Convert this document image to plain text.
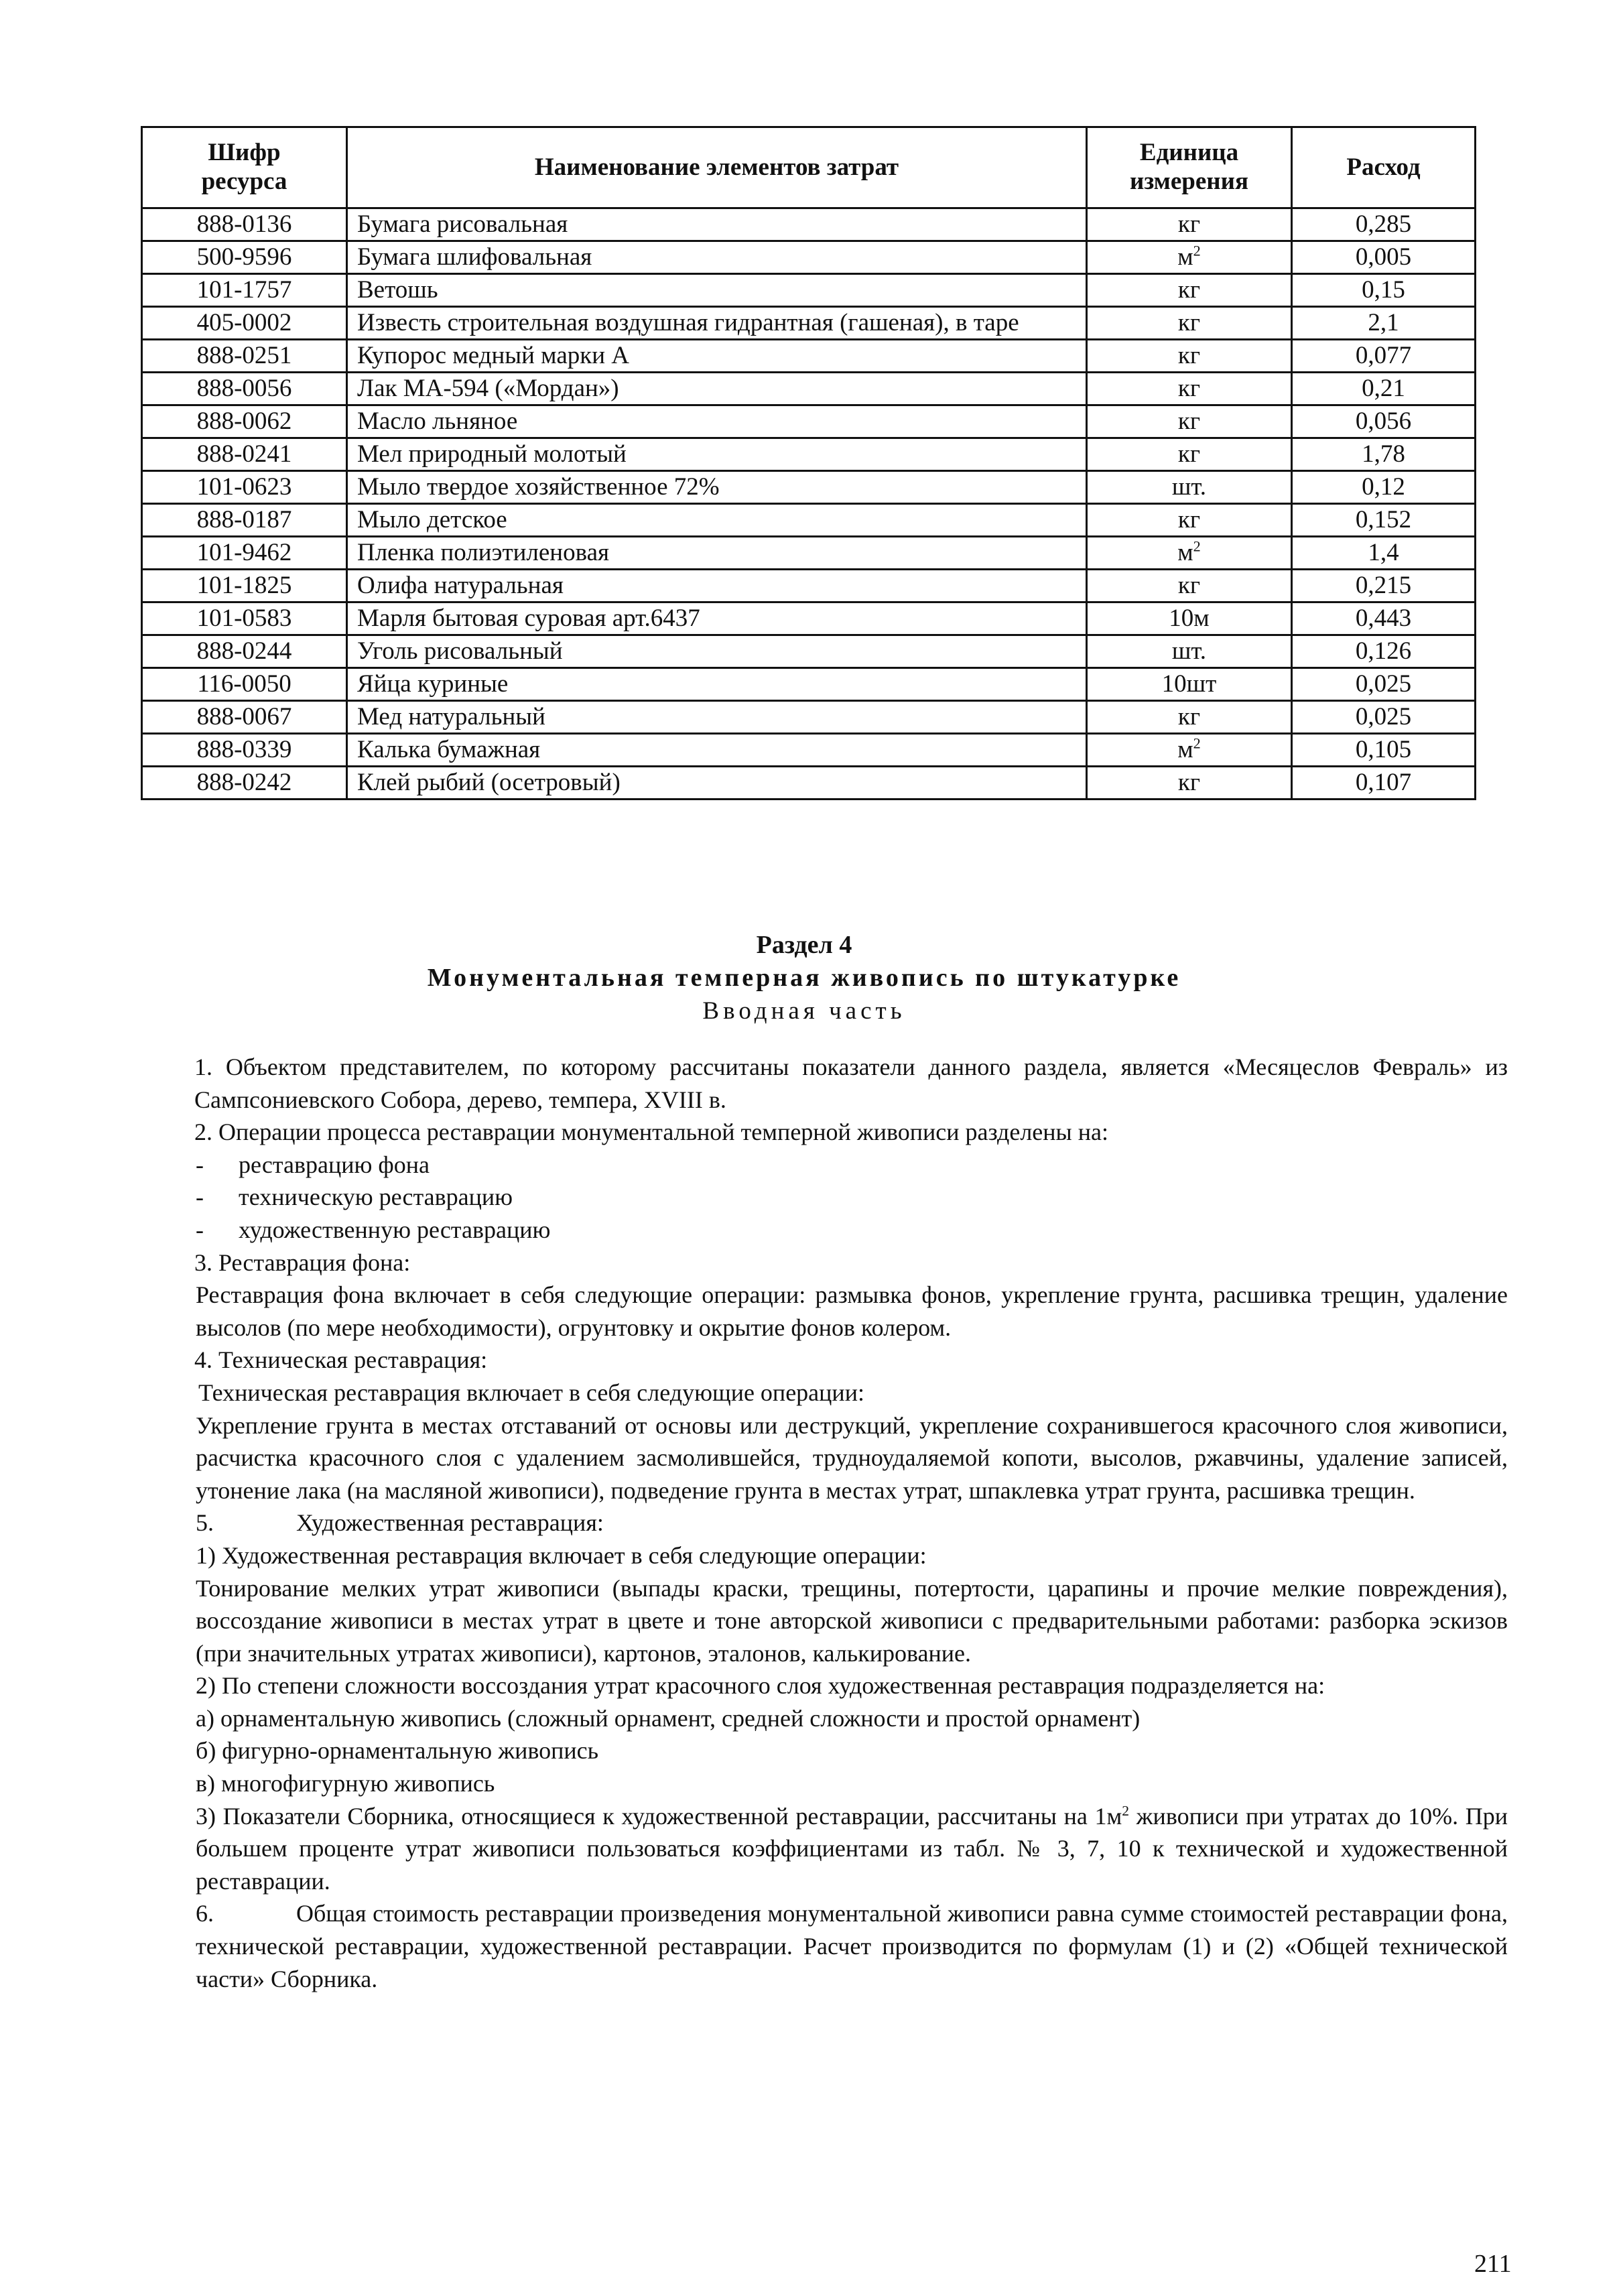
Шифр ресурса	Наименование элементов затрат	Единица измерения	Расход
888-0136	Бумага рисовальная	кг	0,285
500-9596	Бумага шлифовальная	$м^2$	0,005
101-1757	Ветошь	кг	0,15
405-0002	Известь строительная воздушная гидрантная (гашеная), в таре	кг	2,1
888-0251	Купорос медный марки А	кг	0,077
888-0056	Лак МА-594 («Мордан»)	кг	0,21
888-0062	Масло льняное	кг	0,056
888-0241	Мел природный молотый	кг	1,78
101-0623	Мыло твердое хозяйственное 72%	шт.	0,12
888-0187	Мыло детское	кг	0,152
101-9462	Пленка полиэтиленовая	$м^2$	1,4
101-1825	Олифа натуральная	кг	0,215
101-0583	Марля бытовая суровая арт.6437	10м	0,443
888-0244	Уголь рисовальный	шт.	0,126
116-0050	Яйца куриные	10шт	0,025
888-0067	Мед натуральный	кг	0,025
888-0339	Калька бумажная	$м^2$	0,105
888-0242	Клей рыбий (осетровый)	кг	0,107
Раздел 4
Монументальная темперная живопись по штукатурке
Вводная часть

1. Объектом представителем, по которому рассчитаны показатели данного раздела, является «Месяцеслов Февраль» из Сампсониевского Собора, дерево, темпера, XVIII в.

2. Операции процесса реставрации монументальной темперной живописи разделены на:

- реставрацию фона

- техническую реставрацию

- художественную реставрацию

3. Реставрация фона:

Реставрация фона включает в себя следующие операции: размывка фонов, укрепление грунта, расшивка трещин, удаление высолов (по мере необходимости), огрунтовку и окрытие фонов колером.

4. Техническая реставрация:

Техническая реставрация включает в себя следующие операции:

Укрепление грунта в местах отставаний от основы или деструкций, укрепление сохранившегося красочного слоя живописи, расчистка красочного слоя с удалением засмолившейся, трудноудаляемой копоти, высолов, ржавчины, удаление записей, утонение лака (на масляной живописи), подведение грунта в местах утрат, шпаклевка утрат грунта, расшивка трещин.

5.	Художественная реставрация:

1) Художественная реставрация включает в себя следующие операции:

Тонирование мелких утрат живописи (выпады краски, трещины, потертости, царапины и прочие мелкие повреждения), воссоздание живописи в местах утрат в цвете и тоне авторской живописи с предварительными работами: разборка эскизов (при значительных утратах живописи), картонов, эталонов, калькирование.

2) По степени сложности воссоздания утрат красочного слоя художественная реставрация подразделяется на:

а) орнаментальную живопись (сложный орнамент, средней сложности и простой орнамент)

б) фигурно-орнаментальную живопись

в) многофигурную живопись

3) Показатели Сборника, относящиеся к художественной реставрации, рассчитаны на $1м^2$ живописи при утратах до 10%. При большем проценте утрат живописи пользоваться коэффициентами из табл. № 3, 7, 10 к технической и художественной реставрации.

6.	Общая стоимость реставрации произведения монументальной живописи равна сумме стоимостей реставрации фона, технической реставрации, художественной реставрации. Расчет производится по формулам (1) и (2) «Общей технической части» Сборника.

211
